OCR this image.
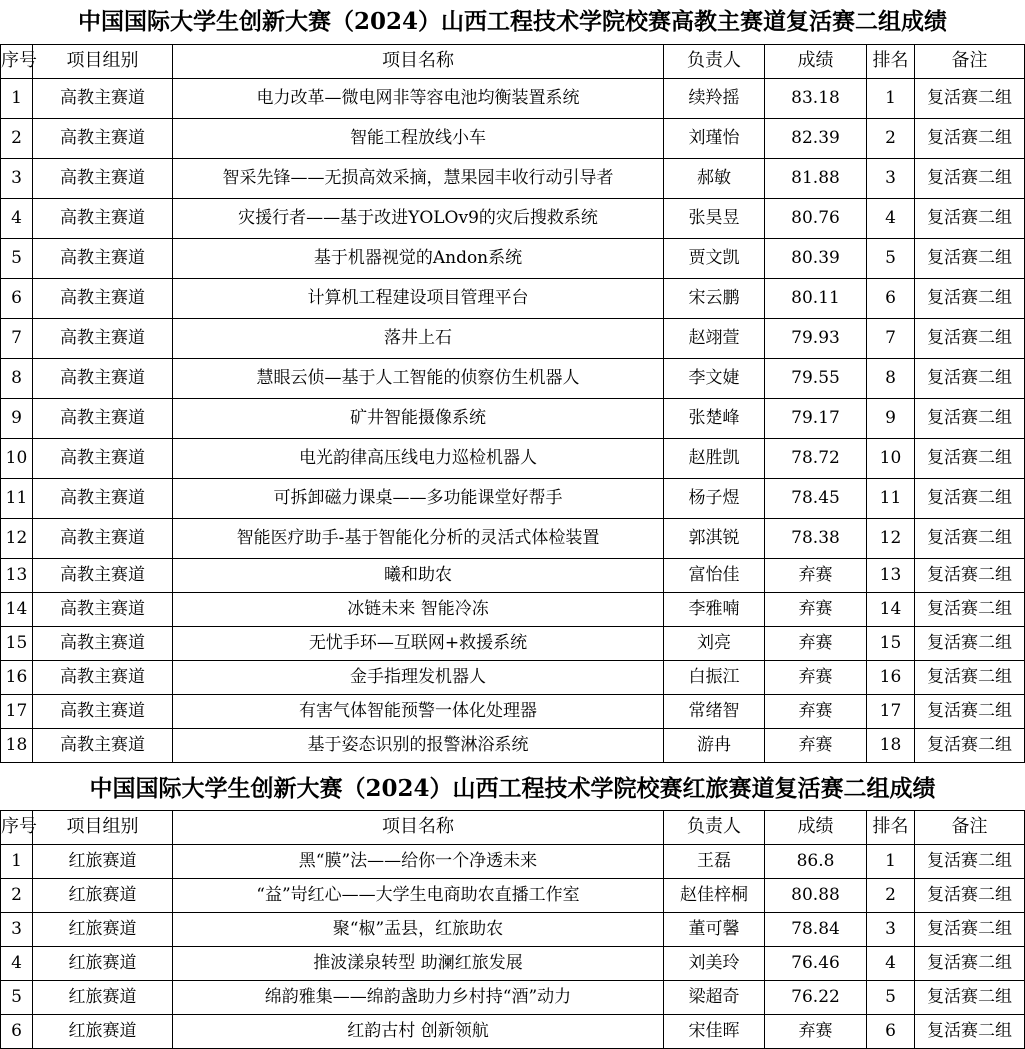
中国国际大学生创新大赛（2024）山西工程技术学院校赛高教主赛道复活赛二组成绩						
序号	项目组别	项目名称	负责人	成绩	排名	备注
1	高教主赛道	电力改革—微电网非等容电池均衡装置系统	续羚摇	83.18	1	复活赛二组
2	高教主赛道	智能工程放线小车	刘瑾怡	82.39	2	复活赛二组
3	高教主赛道	智采先锋——无损高效采摘，慧果园丰收行动引导者	郝敏	81.88	3	复活赛二组
4	高教主赛道	灾援行者——基于改进YOLOv9的灾后搜救系统	张昊昱	80.76	4	复活赛二组
5	高教主赛道	基于机器视觉的Andon系统	贾文凯	80.39	5	复活赛二组
6	高教主赛道	计算机工程建设项目管理平台	宋云鹏	80.11	6	复活赛二组
7	高教主赛道	落井上石	赵翊萱	79.93	7	复活赛二组
8	高教主赛道	慧眼云侦—基于人工智能的侦察仿生机器人	李文婕	79.55	8	复活赛二组
9	高教主赛道	矿井智能摄像系统	张楚峰	79.17	9	复活赛二组
10	高教主赛道	电光韵律高压线电力巡检机器人	赵胜凯	78.72	10	复活赛二组
11	高教主赛道	可拆卸磁力课桌——多功能课堂好帮手	杨子煜	78.45	11	复活赛二组
12	高教主赛道	智能医疗助手-基于智能化分析的灵活式体检装置	郭淇锐	78.38	12	复活赛二组
13	高教主赛道	曦和助农	富怡佳	弃赛	13	复活赛二组
14	高教主赛道	冰链未来 智能冷冻	李雅喃	弃赛	14	复活赛二组
15	高教主赛道	无忧手环—互联网+救援系统	刘亮	弃赛	15	复活赛二组
16	高教主赛道	金手指理发机器人	白振江	弃赛	16	复活赛二组
17	高教主赛道	有害气体智能预警一体化处理器	常绪智	弃赛	17	复活赛二组
18	高教主赛道	基于姿态识别的报警淋浴系统	游冉	弃赛	18	复活赛二组
中国国际大学生创新大赛（2024）山西工程技术学院校赛红旅赛道复活赛二组成绩						
序号	项目组别	项目名称	负责人	成绩	排名	备注
1	红旅赛道	黑“膜”法——给你一个净透未来	王磊	86.8	1	复活赛二组
2	红旅赛道	“益”岢红心——大学生电商助农直播工作室	赵佳梓桐	80.88	2	复活赛二组
3	红旅赛道	聚“椒”盂县，红旅助农	董可馨	78.84	3	复活赛二组
4	红旅赛道	推波漾泉转型 助澜红旅发展	刘美玲	76.46	4	复活赛二组
5	红旅赛道	绵韵雅集——绵韵盏助力乡村持“酒”动力	梁超奇	76.22	5	复活赛二组
6	红旅赛道	红韵古村 创新领航	宋佳晖	弃赛	6	复活赛二组
